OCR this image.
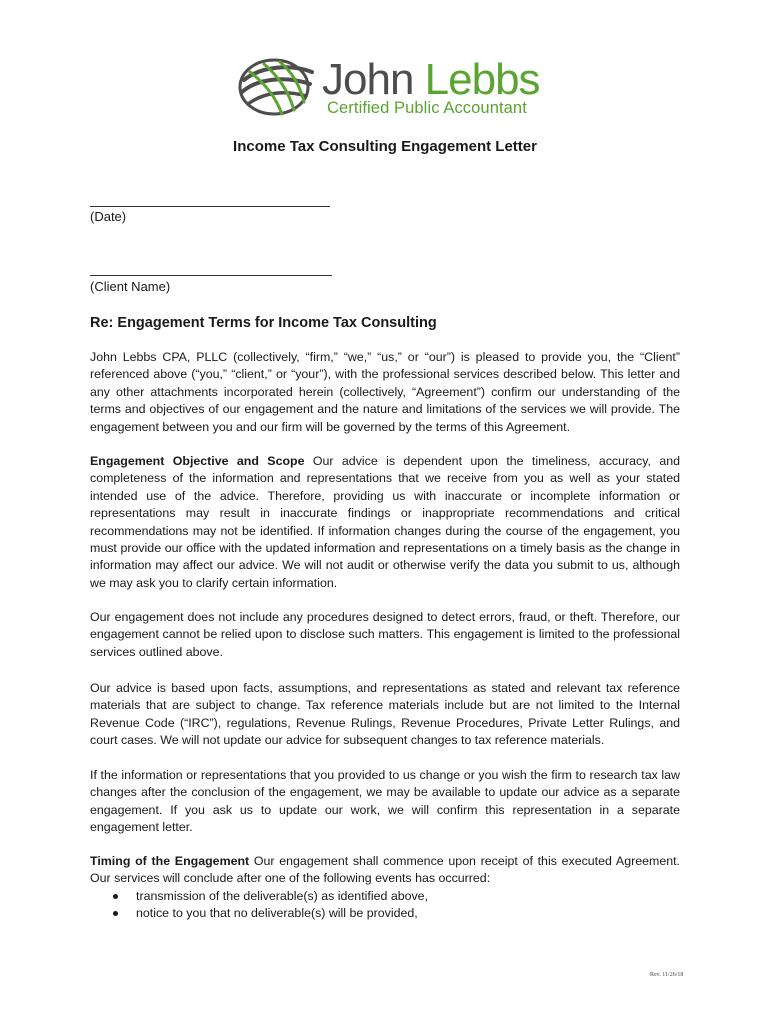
John Lebbs
Certified Public Accountant
Income Tax Consulting Engagement Letter
(Date)
(Client Name)
Re: Engagement Terms for Income Tax Consulting

John Lebbs CPA, PLLC (collectively, “firm,” “we,” “us,” or “our”) is pleased to provide you, the “Client” referenced above (“you,” “client,” or “your”), with the professional services described below. This letter and any other attachments incorporated herein (collectively, “Agreement”) confirm our understanding of the terms and objectives of our engagement and the nature and limitations of the services we will provide. The engagement between you and our firm will be governed by the terms of this Agreement.

Engagement Objective and Scope Our advice is dependent upon the timeliness, accuracy, and completeness of the information and representations that we receive from you as well as your stated intended use of the advice. Therefore, providing us with inaccurate or incomplete information or representations may result in inaccurate findings or inappropriate recommendations and critical recommendations may not be identified. If information changes during the course of the engagement, you must provide our office with the updated information and representations on a timely basis as the change in information may affect our advice. We will not audit or otherwise verify the data you submit to us, although we may ask you to clarify certain information.

Our engagement does not include any procedures designed to detect errors, fraud, or theft. Therefore, our engagement cannot be relied upon to disclose such matters. This engagement is limited to the professional services outlined above.

Our advice is based upon facts, assumptions, and representations as stated and relevant tax reference materials that are subject to change. Tax reference materials include but are not limited to the Internal Revenue Code (“IRC”), regulations, Revenue Rulings, Revenue Procedures, Private Letter Rulings, and court cases. We will not update our advice for subsequent changes to tax reference materials.

If the information or representations that you provided to us change or you wish the firm to research tax law changes after the conclusion of the engagement, we may be available to update our advice as a separate engagement. If you ask us to update our work, we will confirm this representation in a separate engagement letter.

Timing of the Engagement Our engagement shall commence upon receipt of this executed Agreement. Our services will conclude after one of the following events has occurred:

transmission of the deliverable(s) as identified above,
notice to you that no deliverable(s) will be provided,
Rev. 11/26/18
